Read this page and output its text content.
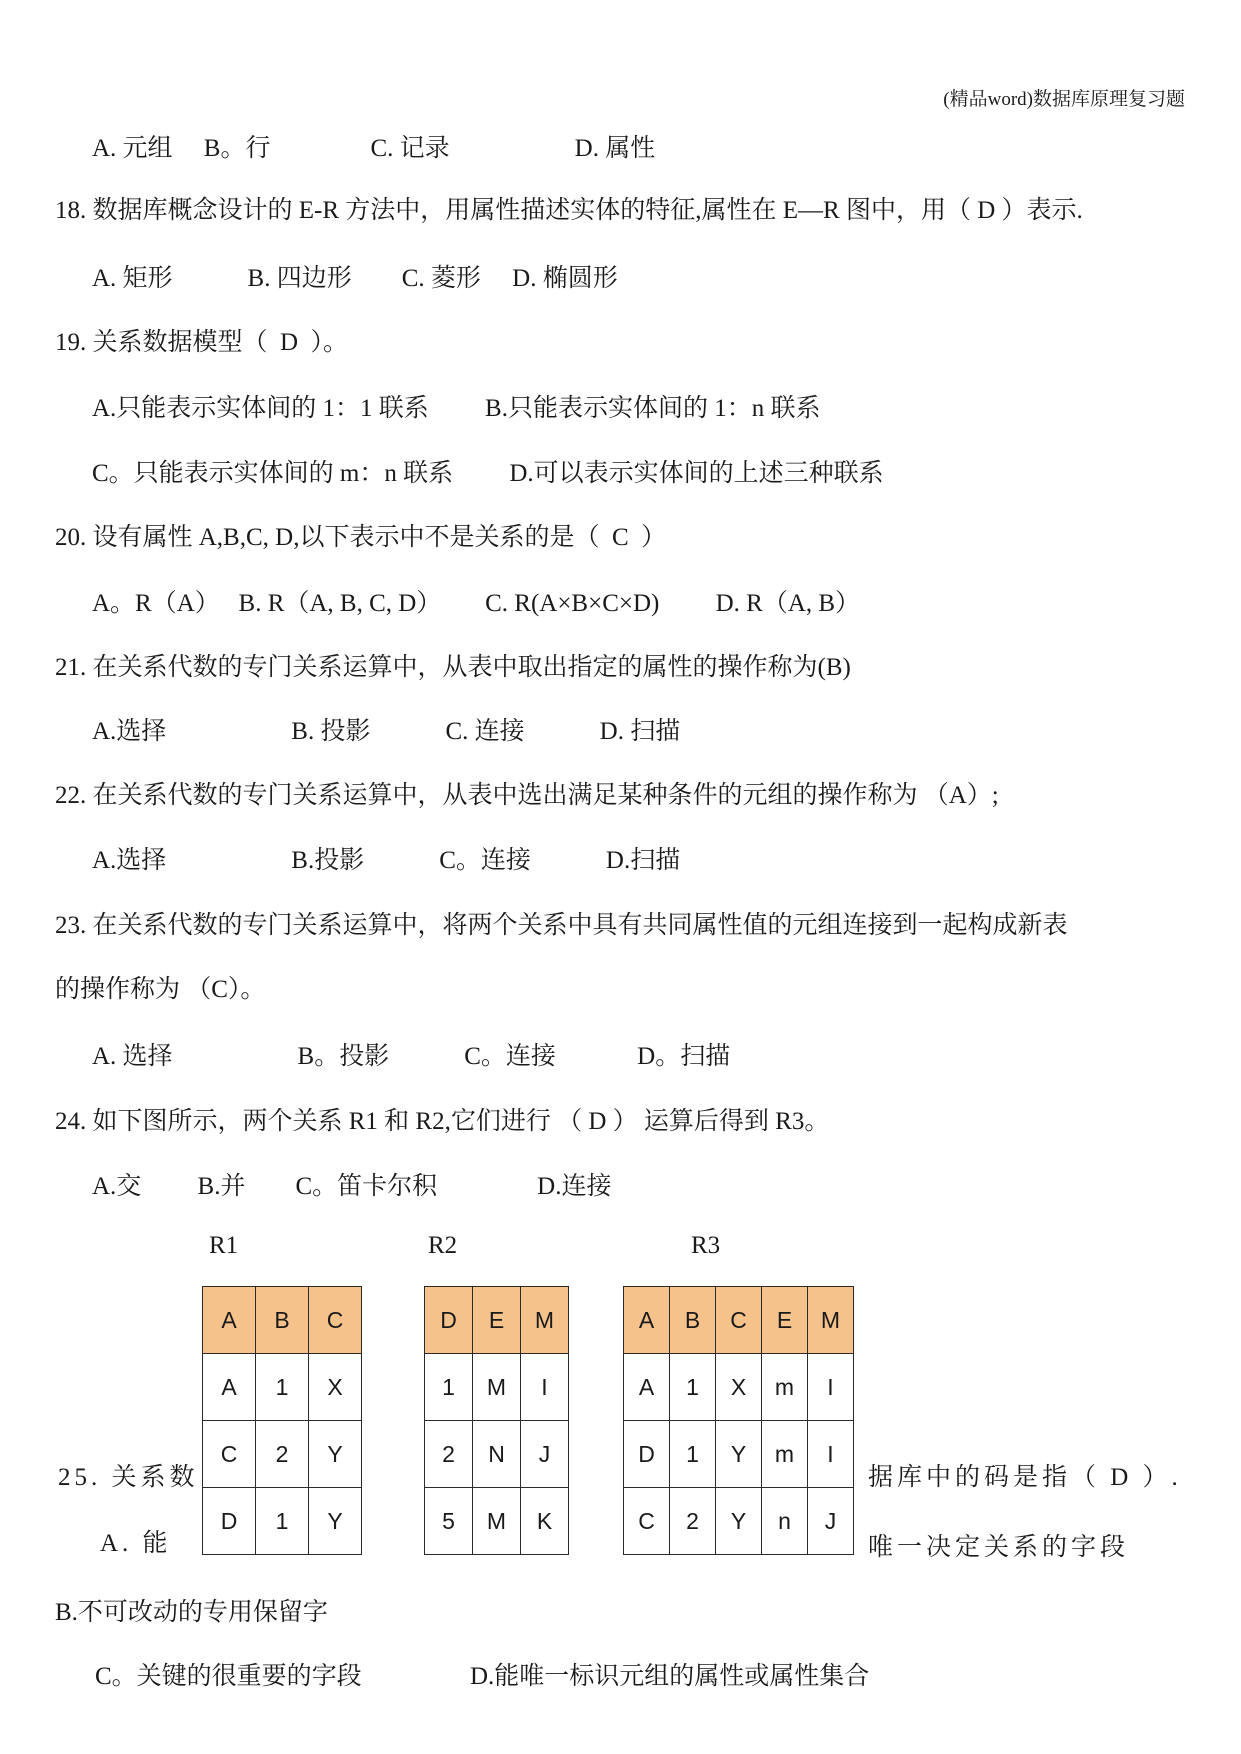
(精品word)数据库原理复习题
A. 元组　 B。行　　　　C. 记录　　　　　D. 属性
18. 数据库概念设计的 E-R 方法中，用属性描述实体的特征,属性在 E—R 图中，用（ D ）表示.
A. 矩形　　　B. 四边形　　C. 菱形　 D. 椭圆形
19. 关系数据模型（  D  ）。
A.只能表示实体间的 1：1 联系　　 B.只能表示实体间的 1：n 联系
C。只能表示实体间的 m：n 联系　　 D.可以表示实体间的上述三种联系
20. 设有属性 A,B,C, D,以下表示中不是关系的是（  C  ）
A。R（A）　 B. R（A, B, C, D）　　 C. R(A×B×C×D)　　 D. R（A, B）
21. 在关系代数的专门关系运算中，从表中取出指定的属性的操作称为(B)
A.选择　　　　　B. 投影　　　C. 连接　　　D. 扫描
22. 在关系代数的专门关系运算中，从表中选出满足某种条件的元组的操作称为 （A）;
A.选择　　　　　B.投影　　　C。连接　　　D.扫描
23. 在关系代数的专门关系运算中，将两个关系中具有共同属性值的元组连接到一起构成新表
的操作称为 （C）。
A. 选择　　　　　B。投影　　　C。连接　　　 D。扫描
24. 如下图所示，两个关系 R1 和 R2,它们进行 （ D ） 运算后得到 R3。
A.交　　 B.并　　C。笛卡尔积　　　　D.连接
R1	R2	R3
A	B	C
A	1	X
C	2	Y
D	1	Y
D	E	M
1	M	I
2	N	J
5	M	K
A	B	C	E	M
A	1	X	m	I
D	1	Y	m	I
C	2	Y	n	J
25. 关系数	据库中的码是指（ D ）.
A. 能	唯一决定关系的字段
B.不可改动的专用保留字
C。关键的很重要的字段	D.能唯一标识元组的属性或属性集合
